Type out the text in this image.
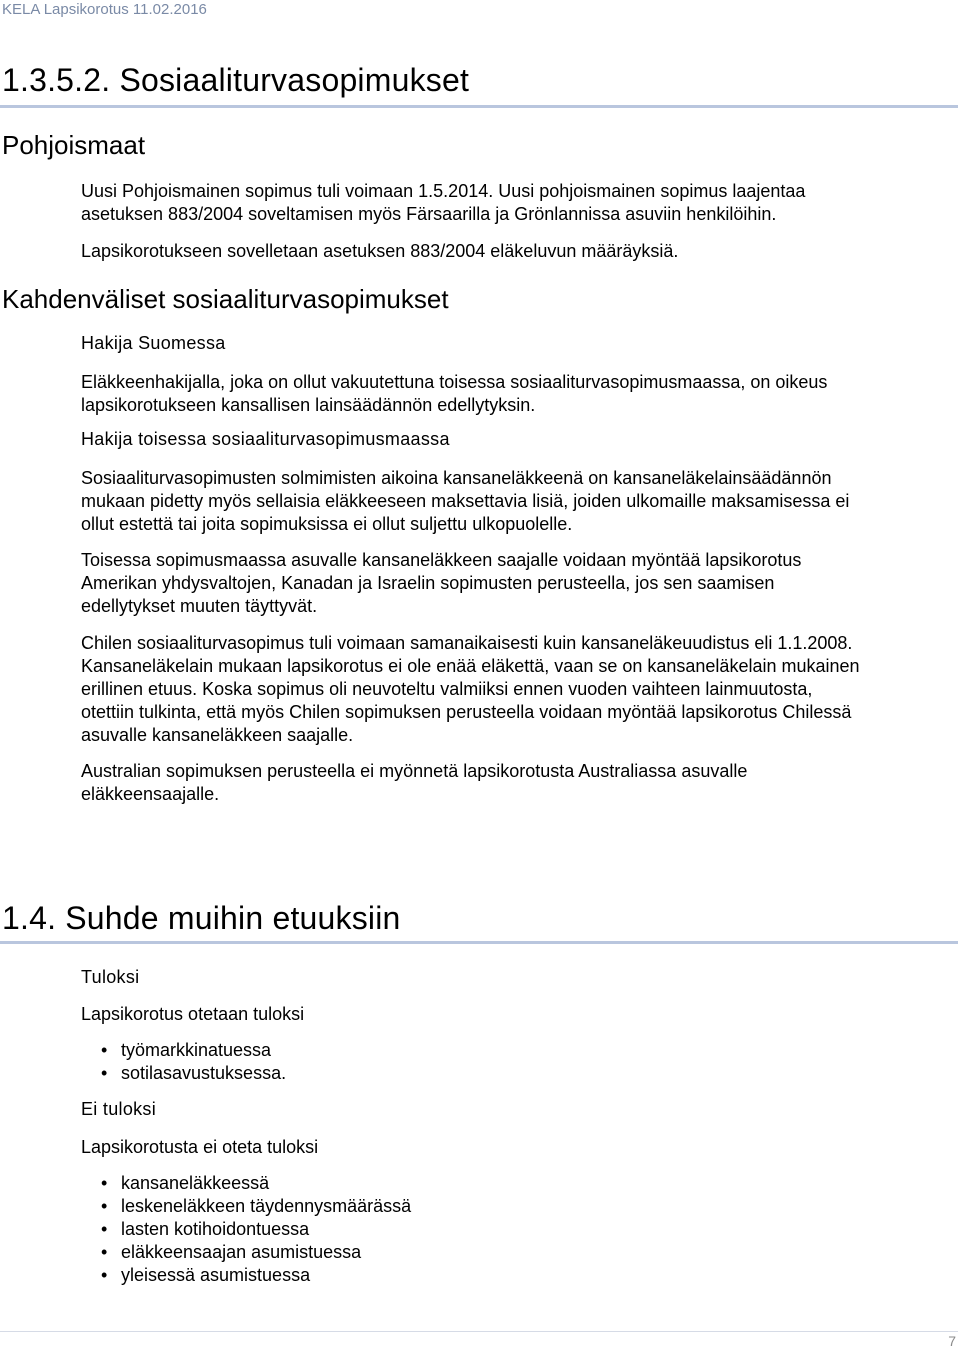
KELA Lapsikorotus 11.02.2016
1.3.5.2. Sosiaaliturvasopimukset
Pohjoismaat
Uusi Pohjoismainen sopimus tuli voimaan 1.5.2014. Uusi pohjoismainen sopimus laajentaa
asetuksen 883/2004 soveltamisen myös Färsaarilla ja Grönlannissa asuviin henkilöihin.
Lapsikorotukseen sovelletaan asetuksen 883/2004 eläkeluvun määräyksiä.
Kahdenväliset sosiaaliturvasopimukset
Hakija Suomessa
Eläkkeenhakijalla, joka on ollut vakuutettuna toisessa sosiaaliturvasopimusmaassa, on oikeus
lapsikorotukseen kansallisen lainsäädännön edellytyksin.
Hakija toisessa sosiaaliturvasopimusmaassa
Sosiaaliturvasopimusten solmimisten aikoina kansaneläkkeenä on kansaneläkelainsäädännön
mukaan pidetty myös sellaisia eläkkeeseen maksettavia lisiä, joiden ulkomaille maksamisessa ei
ollut estettä tai joita sopimuksissa ei ollut suljettu ulkopuolelle.
Toisessa sopimusmaassa asuvalle kansaneläkkeen saajalle voidaan myöntää lapsikorotus
Amerikan yhdysvaltojen, Kanadan ja Israelin sopimusten perusteella, jos sen saamisen
edellytykset muuten täyttyvät.
Chilen sosiaaliturvasopimus tuli voimaan samanaikaisesti kuin kansaneläkeuudistus eli 1.1.2008.
Kansaneläkelain mukaan lapsikorotus ei ole enää eläkettä, vaan se on kansaneläkelain mukainen
erillinen etuus. Koska sopimus oli neuvoteltu valmiiksi ennen vuoden vaihteen lainmuutosta,
otettiin tulkinta, että myös Chilen sopimuksen perusteella voidaan myöntää lapsikorotus Chilessä
asuvalle kansaneläkkeen saajalle.
Australian sopimuksen perusteella ei myönnetä lapsikorotusta Australiassa asuvalle
eläkkeensaajalle.
1.4. Suhde muihin etuuksiin
Tuloksi
Lapsikorotus otetaan tuloksi
• työmarkkinatuessa
• sotilasavustuksessa.
Ei tuloksi
Lapsikorotusta ei oteta tuloksi
• kansaneläkkeessä
• leskeneläkkeen täydennysmäärässä
• lasten kotihoidontuessa
• eläkkeensaajan asumistuessa
• yleisessä asumistuessa
7
